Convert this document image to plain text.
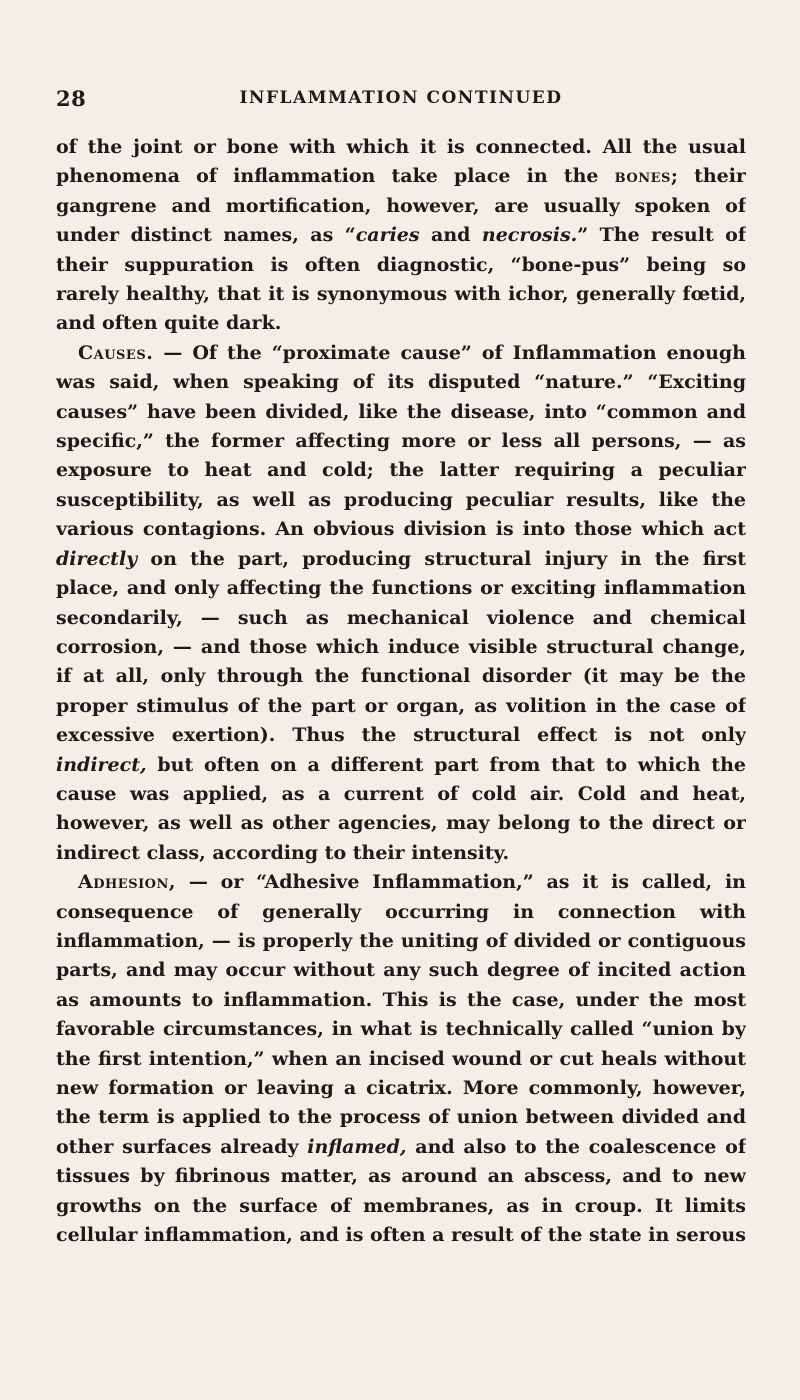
28	INFLAMMATION CONTINUED

of the joint or bone with which it is connected. All the usual phenomena of inflammation take place in the bones; their gangrene and mortification, however, are usually spoken of under distinct names, as “caries and necrosis.” The result of their suppuration is often diagnostic, “bone-pus” being so rarely healthy, that it is synonymous with ichor, generally fœtid, and often quite dark.

Causes. — Of the “proximate cause” of Inflammation enough was said, when speaking of its disputed “nature.” “Exciting causes” have been divided, like the disease, into “common and specific,” the former affecting more or less all persons, — as exposure to heat and cold; the latter requiring a peculiar susceptibility, as well as producing peculiar results, like the various contagions. An obvious division is into those which act directly on the part, producing structural injury in the first place, and only affecting the functions or exciting inflammation secondarily, — such as mechanical violence and chemical corrosion, — and those which induce visible structural change, if at all, only through the functional disorder (it may be the proper stimulus of the part or organ, as volition in the case of excessive exertion). Thus the structural effect is not only indirect, but often on a different part from that to which the cause was applied, as a current of cold air. Cold and heat, however, as well as other agencies, may belong to the direct or indirect class, according to their intensity.

Adhesion, — or “Adhesive Inflammation,” as it is called, in consequence of generally occurring in connection with inflammation, — is properly the uniting of divided or contiguous parts, and may occur without any such degree of incited action as amounts to inflammation. This is the case, under the most favorable circumstances, in what is technically called “union by the first intention,” when an incised wound or cut heals without new formation or leaving a cicatrix. More commonly, however, the term is applied to the process of union between divided and other surfaces already inflamed, and also to the coalescence of tissues by fibrinous matter, as around an abscess, and to new growths on the surface of membranes, as in croup. It limits cellular inflammation, and is often a result of the state in serous
